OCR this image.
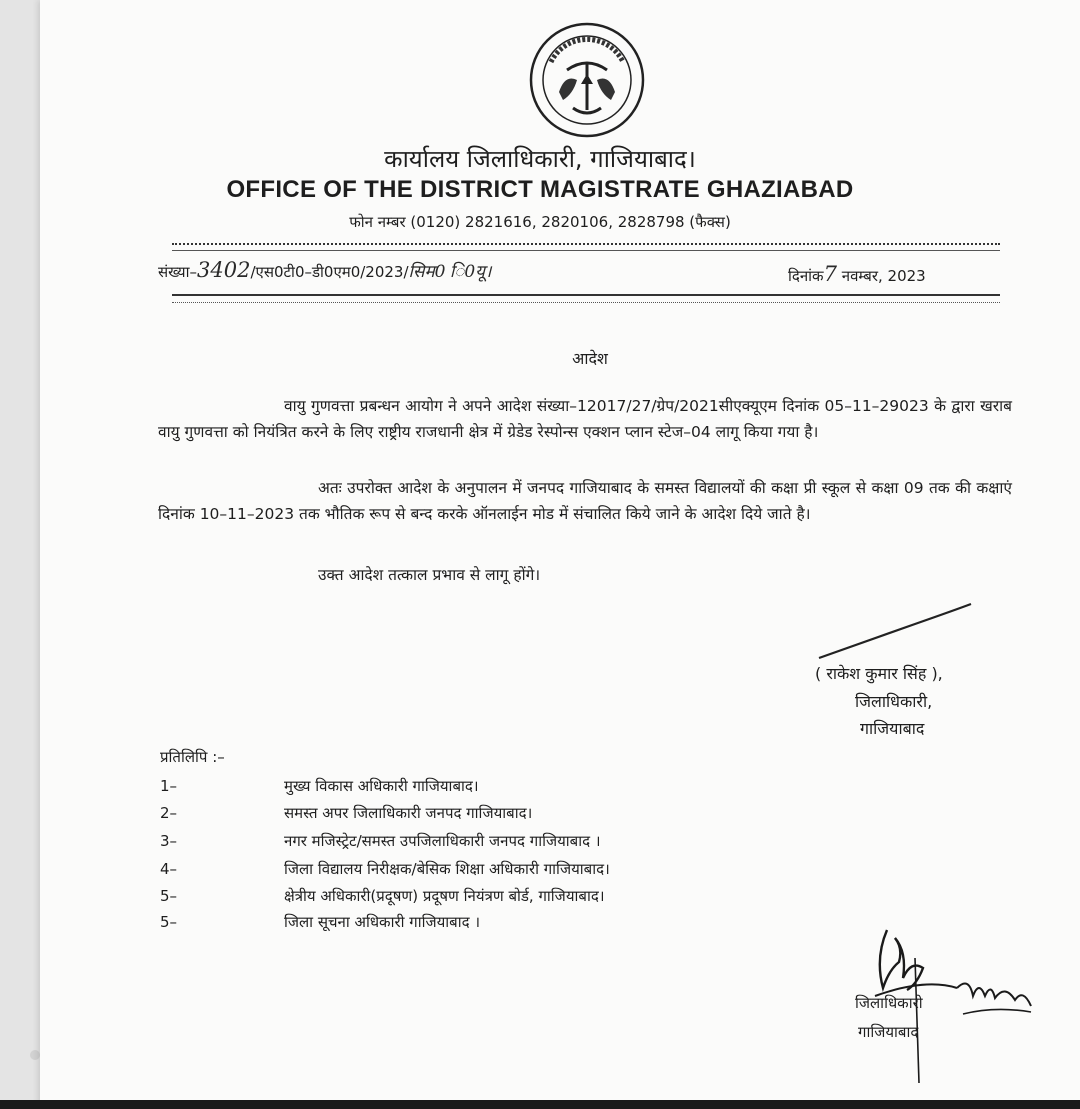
कार्यालय जिलाधिकारी, गाजियाबाद।
OFFICE OF THE DISTRICT MAGISTRATE GHAZIABAD
फोन नम्बर (0120) 2821616, 2820106, 2828798 (फैक्स)
संख्या–3402/एस0टी0–डी0एम0/2023/सिम0 ि0यू।	दिनांक7 नवम्बर, 2023
आदेश
वायु गुणवत्ता प्रबन्धन आयोग ने अपने आदेश संख्या–12017/27/ग्रेप/2021सीएक्यूएम दिनांक 05–11–29023 के द्वारा खराब वायु गुणवत्ता को नियंत्रित करने के लिए राष्ट्रीय राजधानी क्षेत्र में ग्रेडेड रेस्पोन्स एक्शन प्लान स्टेज–04 लागू किया गया है।
अतः उपरोक्त आदेश के अनुपालन में जनपद गाजियाबाद के समस्त विद्यालयों की कक्षा प्री स्कूल से कक्षा 09 तक की कक्षाएं दिनांक 10–11–2023 तक भौतिक रूप से बन्द करके ऑनलाईन मोड में संचालित किये जाने के आदेश दिये जाते है।
उक्त आदेश तत्काल प्रभाव से लागू होंगे।
( राकेश कुमार सिंह ),
जिलाधिकारी,
गाजियाबाद
प्रतिलिपि :–
1–	मुख्य विकास अधिकारी गाजियाबाद।
2–	समस्त अपर जिलाधिकारी जनपद गाजियाबाद।
3–	नगर मजिस्ट्रेट/समस्त उपजिलाधिकारी जनपद गाजियाबाद ।
4–	जिला विद्यालय निरीक्षक/बेसिक शिक्षा अधिकारी गाजियाबाद।
5–	क्षेत्रीय अधिकारी(प्रदूषण) प्रदूषण नियंत्रण बोर्ड, गाजियाबाद।
5–	जिला सूचना अधिकारी गाजियाबाद ।
जिलाधिकारी
गाजियाबाद
